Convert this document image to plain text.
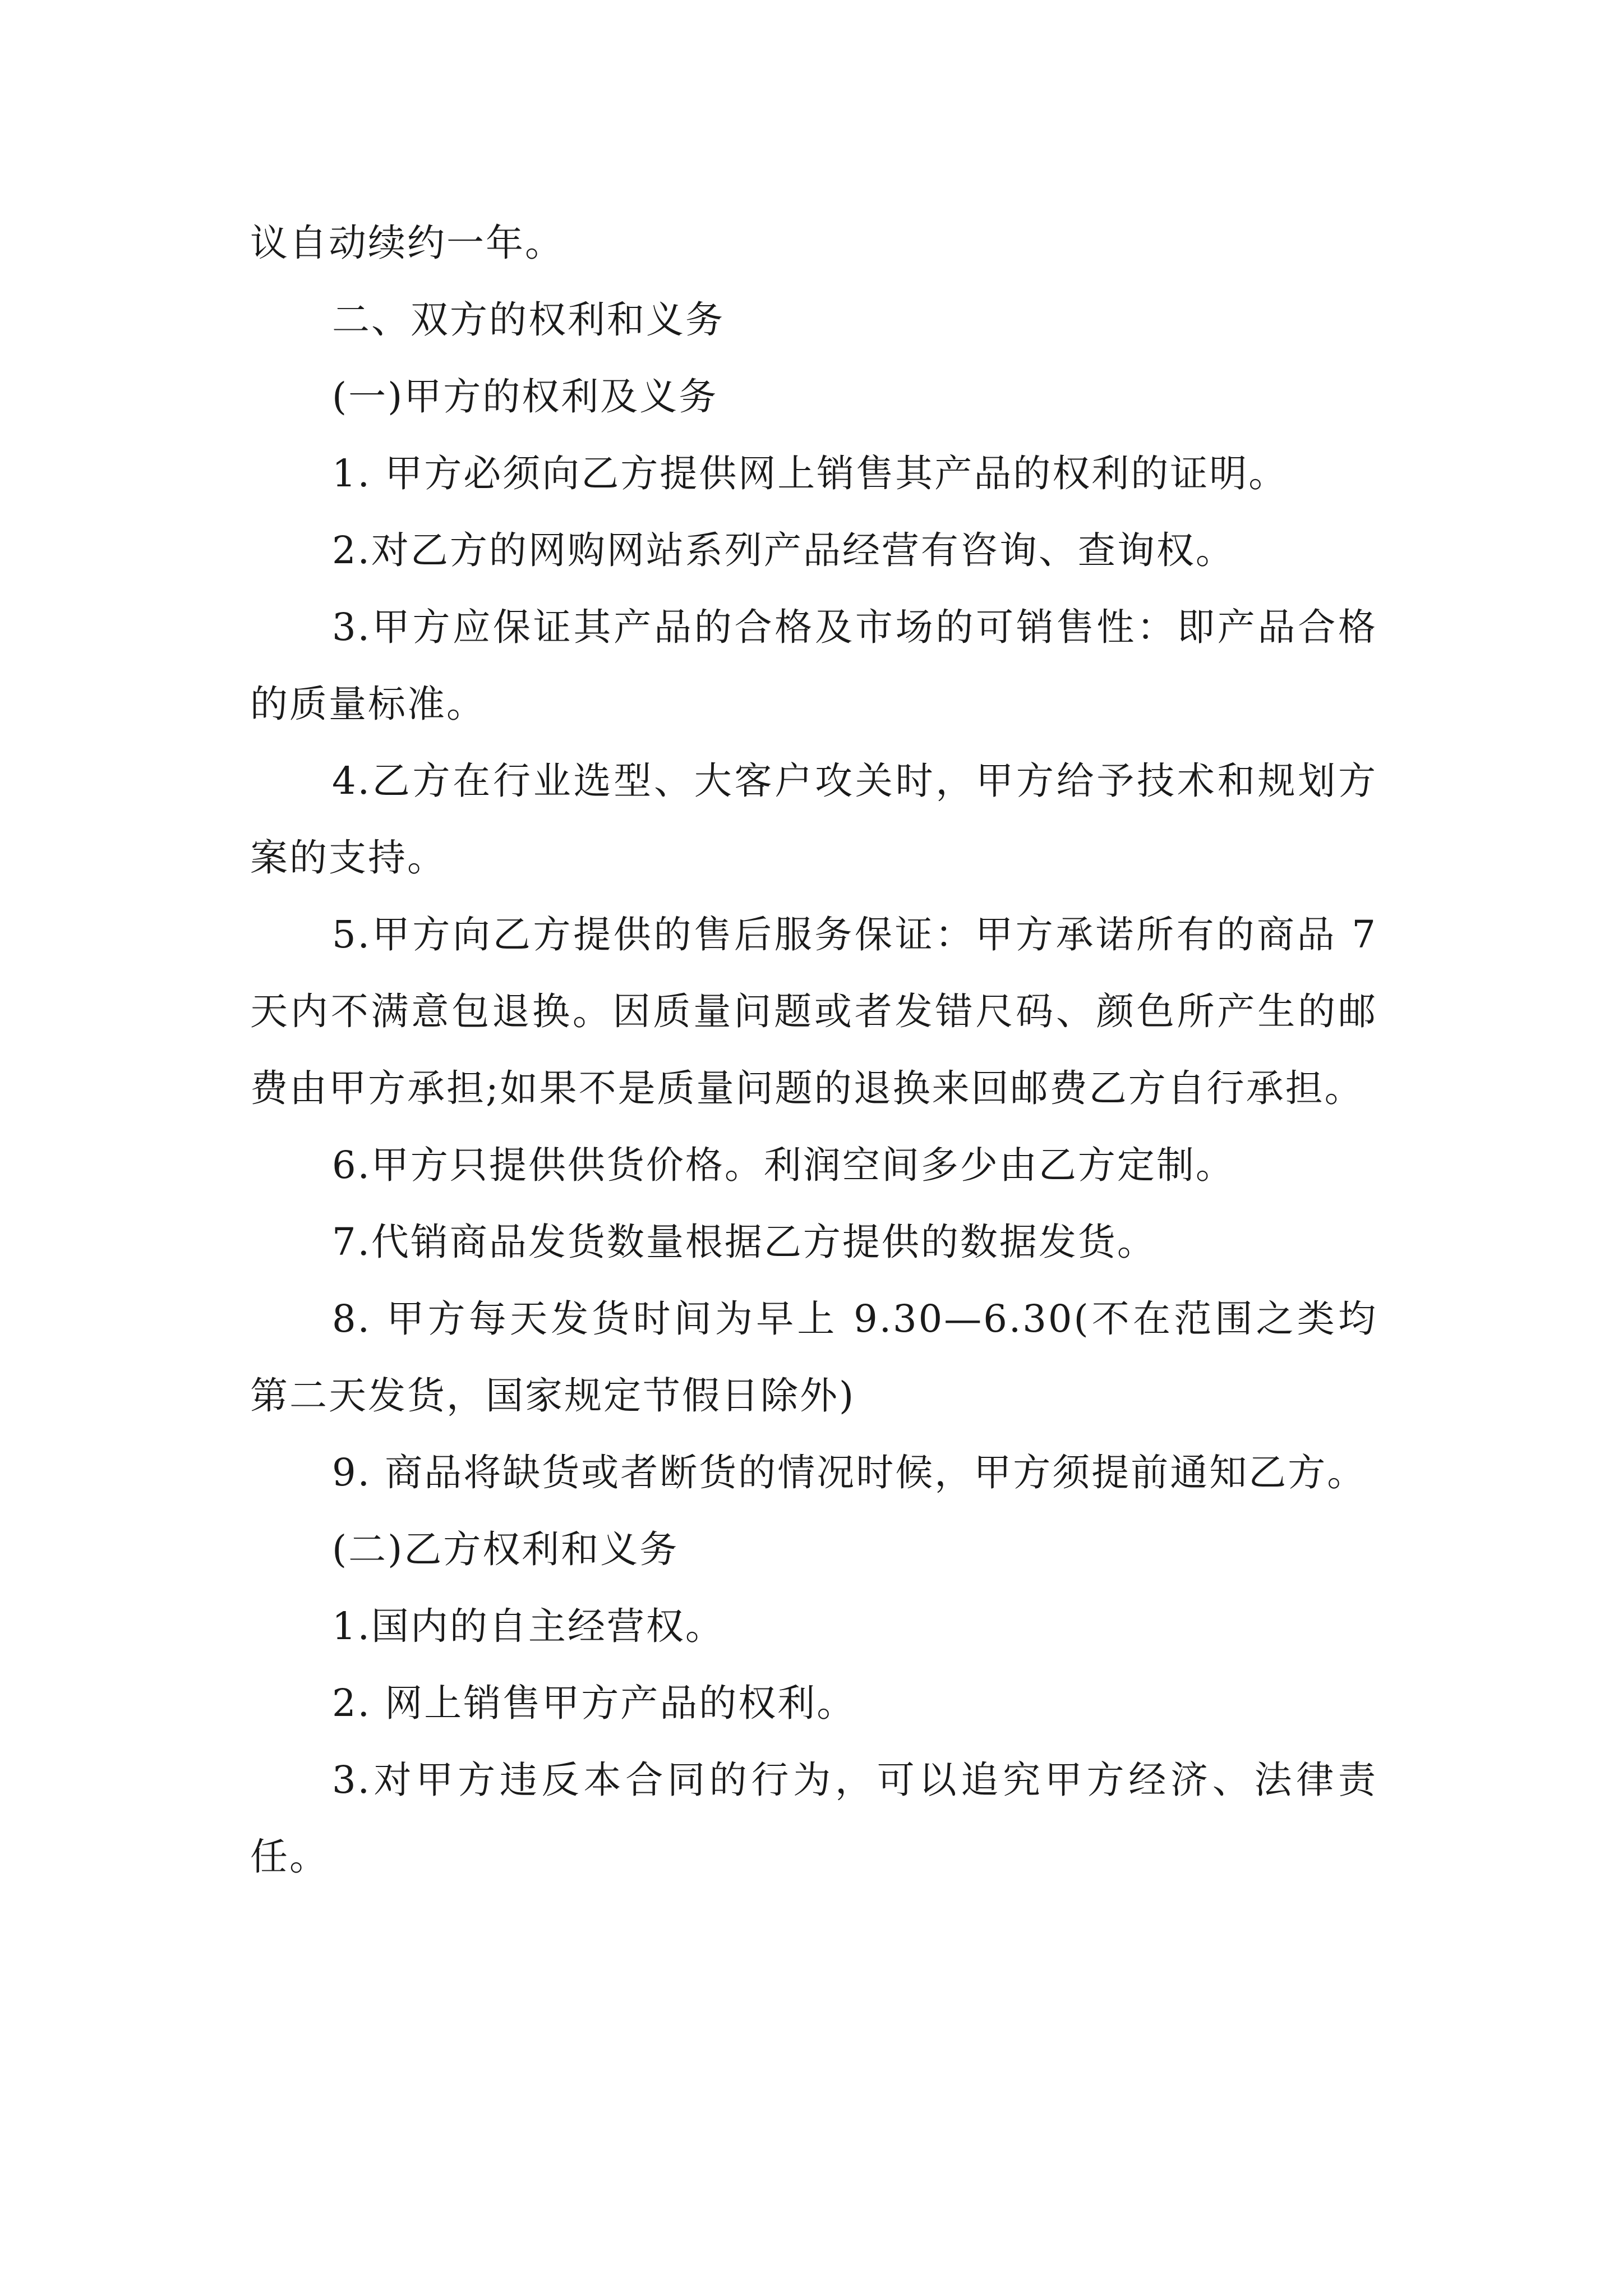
议自动续约一年。

二、双方的权利和义务

(一)甲方的权利及义务

1. 甲方必须向乙方提供网上销售其产品的权利的证明。

2.对乙方的网购网站系列产品经营有咨询、查询权。

3.甲方应保证其产品的合格及市场的可销售性：即产品合格的质量标准。

4.乙方在行业选型、大客户攻关时，甲方给予技术和规划方案的支持。

5.甲方向乙方提供的售后服务保证：甲方承诺所有的商品 7 天内不满意包退换。因质量问题或者发错尺码、颜色所产生的邮费由甲方承担;如果不是质量问题的退换来回邮费乙方自行承担。

6.甲方只提供供货价格。利润空间多少由乙方定制。

7.代销商品发货数量根据乙方提供的数据发货。

8. 甲方每天发货时间为早上 9.30—6.30(不在范围之类均第二天发货，国家规定节假日除外)

9. 商品将缺货或者断货的情况时候，甲方须提前通知乙方。

(二)乙方权利和义务

1.国内的自主经营权。

2. 网上销售甲方产品的权利。

3.对甲方违反本合同的行为，可以追究甲方经济、法律责任。
